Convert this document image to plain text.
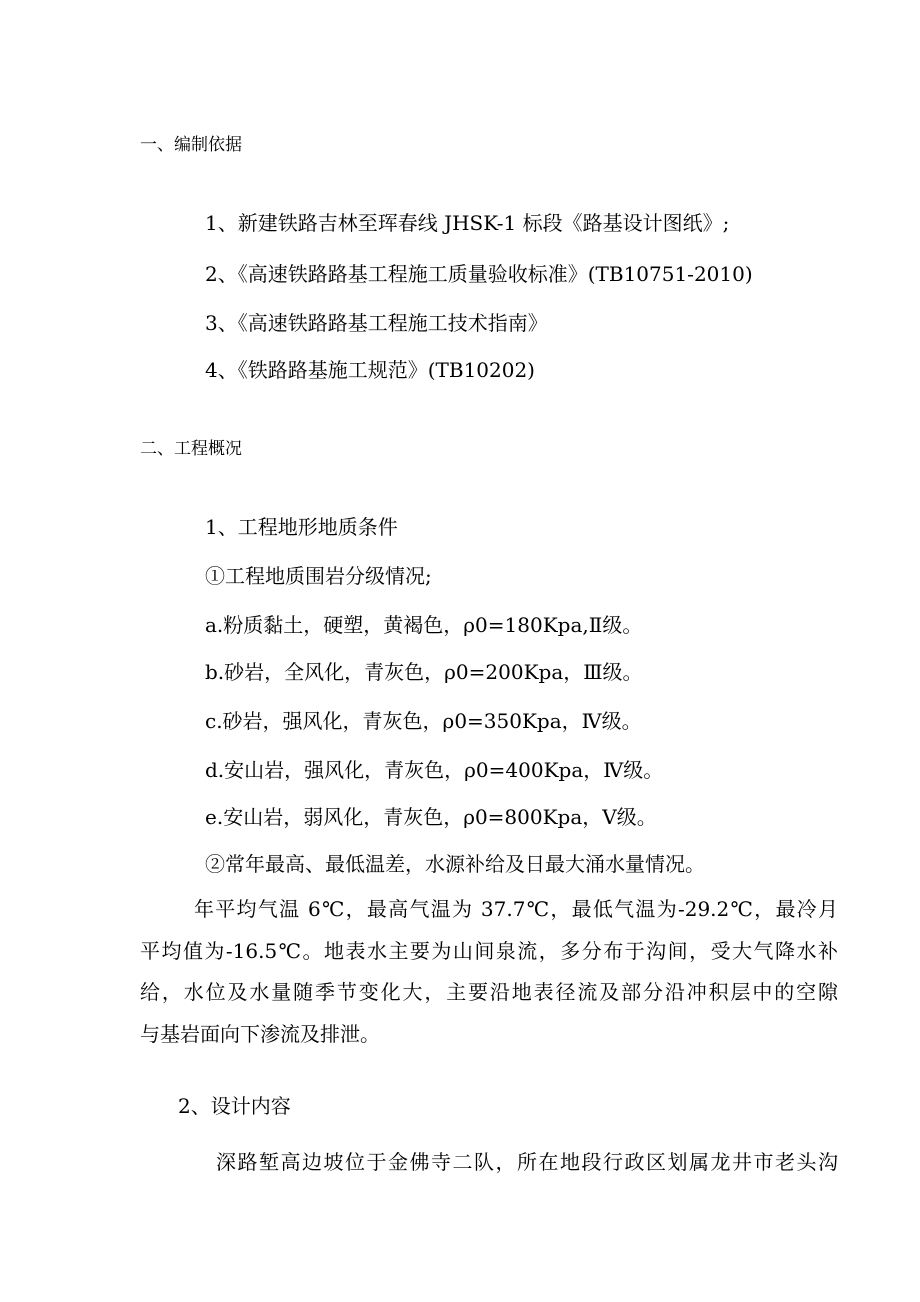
一、编制依据
1、新建铁路吉林至珲春线 JHSK-1 标段《路基设计图纸》;
2、《高速铁路路基工程施工质量验收标准》(TB10751-2010)
3、《高速铁路路基工程施工技术指南》
4、《铁路路基施工规范》(TB10202)
二、工程概况
1、工程地形地质条件
①工程地质围岩分级情况;
a.粉质黏土，硬塑，黄褐色，ρ0=180Kpa,Ⅱ级。
b.砂岩，全风化，青灰色，ρ0=200Kpa，Ⅲ级。
c.砂岩，强风化，青灰色，ρ0=350Kpa，Ⅳ级。
d.安山岩，强风化，青灰色，ρ0=400Kpa，Ⅳ级。
e.安山岩，弱风化，青灰色，ρ0=800Kpa，Ⅴ级。
②常年最高、最低温差，水源补给及日最大涌水量情况。
年平均气温 6℃，最高气温为 37.7℃，最低气温为-29.2℃，最冷月
平均值为-16.5℃。地表水主要为山间泉流，多分布于沟间，受大气降水补
给，水位及水量随季节变化大，主要沿地表径流及部分沿冲积层中的空隙
与基岩面向下渗流及排泄。
2、设计内容
深路堑高边坡位于金佛寺二队，所在地段行政区划属龙井市老头沟
